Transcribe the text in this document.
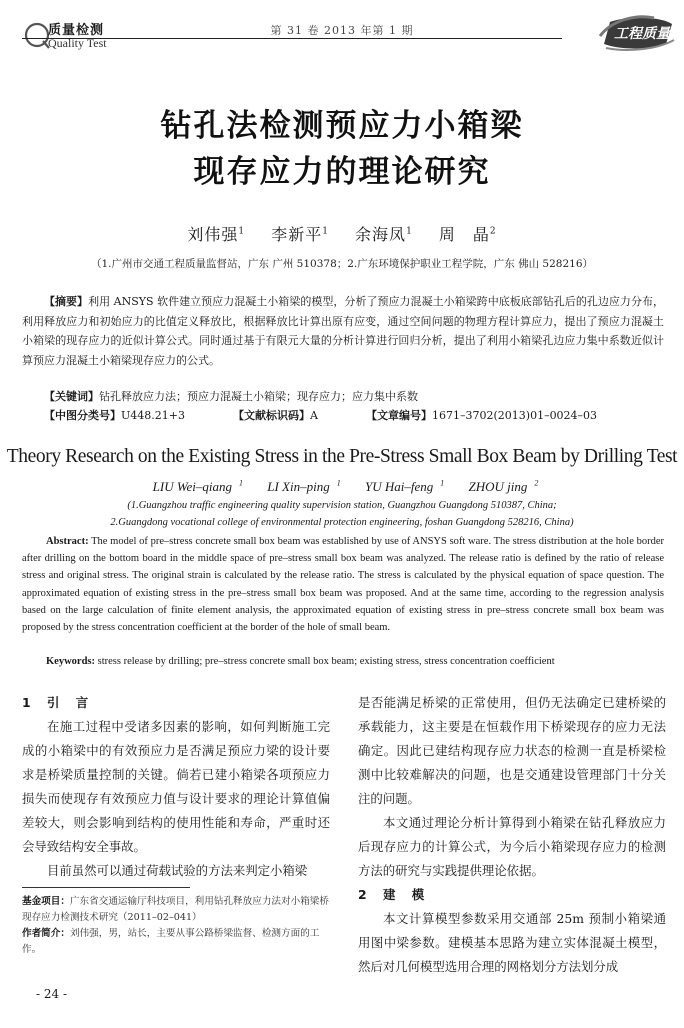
质量检测
Quality Test
第 31 卷 2013 年第 1 期	工程质量
钻孔法检测预应力小箱梁
现存应力的理论研究
刘伟强$^1$ 李新平$^1$ 余海凤$^1$ 周　晶$^2$
（1.广州市交通工程质量监督站，广东 广州 510378；2.广东环境保护职业工程学院，广东 佛山 528216）
【摘要】利用 ANSYS 软件建立预应力混凝土小箱梁的模型，分析了预应力混凝土小箱梁跨中底板底部钻孔后的孔边应力分布，利用释放应力和初始应力的比值定义释放比，根据释放比计算出原有应变，通过空间问题的物理方程计算应力，提出了预应力混凝土小箱梁的现存应力的近似计算公式。同时通过基于有限元大量的分析计算进行回归分析，提出了利用小箱梁孔边应力集中系数近似计算预应力混凝土小箱梁现存应力的公式。
【关键词】钻孔释放应力法；预应力混凝土小箱梁；现存应力；应力集中系数
【中图分类号】U448.21+3	【文献标识码】A	【文章编号】1671–3702(2013)01–0024–03
Theory Research on the Existing Stress in the Pre-Stress Small Box Beam by Drilling Test
LIU Wei–qiang $^1$ LI Xin–ping $^1$ YU Hai–feng $^1$ ZHOU jing $^2$
(1.Guangzhou traffic engineering quality supervision station, Guangzhou Guangdong 510387, China;
2.Guangdong vocational college of environmental protection engineering, foshan Guangdong 528216, China)
Abstract: The model of pre–stress concrete small box beam was established by use of ANSYS soft ware. The stress distribution at the hole border after drilling on the bottom board in the middle space of pre–stress small box beam was analyzed. The release ratio is defined by the ratio of release stress and original stress. The original strain is calculated by the release ratio. The stress is calculated by the physical equation of space question. The approximated equation of existing stress in the pre–stress small box beam was proposed. And at the same time, according to the regression analysis based on the large calculation of finite element analysis, the approximated equation of existing stress in pre–stress concrete small box beam was proposed by the stress concentration coefficient at the border of the hole of small beam.
Keywords: stress release by drilling; pre–stress concrete small box beam; existing stress, stress concentration coefficient
1　引　言

在施工过程中受诸多因素的影响，如何判断施工完成的小箱梁中的有效预应力是否满足预应力梁的设计要求是桥梁质量控制的关键。倘若已建小箱梁各项预应力损失而使现存有效预应力值与设计要求的理论计算值偏差较大，则会影响到结构的使用性能和寿命，严重时还会导致结构安全事故。

目前虽然可以通过荷载试验的方法来判定小箱梁

基金项目：广东省交通运输厅科技项目，利用钻孔释放应力法对小箱梁桥现存应力检测技术研究（2011–02–041）
作者简介：刘伟强，男，站长，主要从事公路桥梁监督、检测方面的工作。

是否能满足桥梁的正常使用，但仍无法确定已建桥梁的承载能力，这主要是在恒载作用下桥梁现存的应力无法确定。因此已建结构现存应力状态的检测一直是桥梁检测中比较难解决的问题，也是交通建设管理部门十分关注的问题。

本文通过理论分析计算得到小箱梁在钻孔释放应力后现存应力的计算公式，为今后小箱梁现存应力的检测方法的研究与实践提供理论依据。

2　建　模

本文计算模型参数采用交通部 25m 预制小箱梁通用图中梁参数。建模基本思路为建立实体混凝土模型，然后对几何模型选用合理的网格划分方法划分成

- 24 -
